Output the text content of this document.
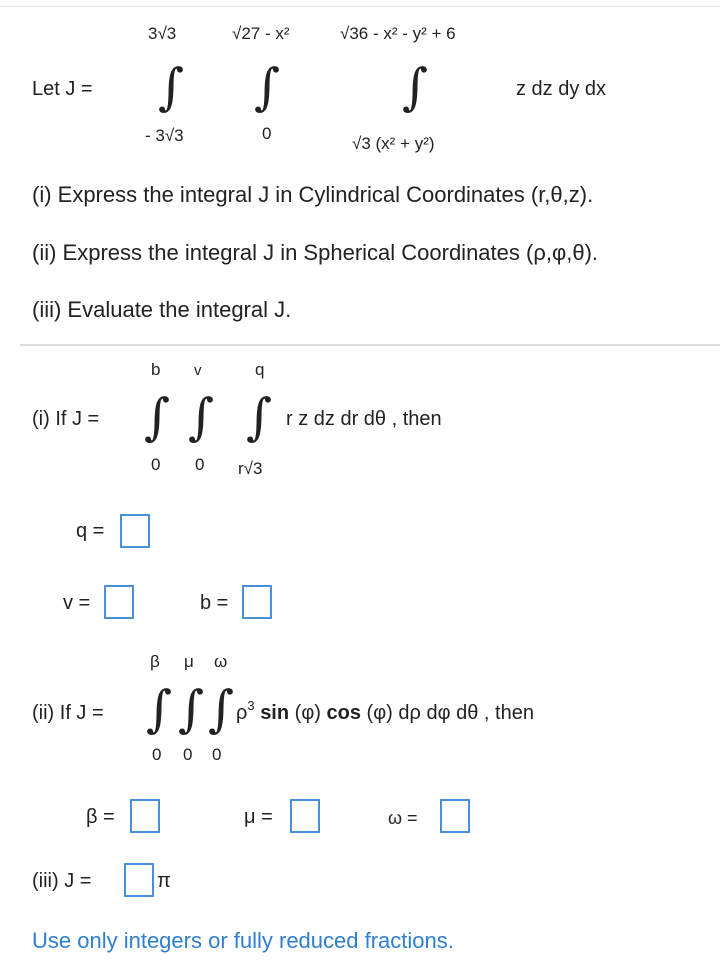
3√3	√27 - x²	√36 - x² - y² + 6
Let J = ∫ ∫ ∫	z dz dy dx
- 3√3	0
√3 (x² + y²)
(i) Express the integral J in Cylindrical Coordinates (r,θ,z).
(ii) Express the integral J in Spherical Coordinates (ρ,φ,θ).
(iii) Evaluate the integral J.
b v	q
(i) If J = ∫ ∫ ∫ r z dz dr dθ , then
0 0 r√3
q =
v =	b =
β μ ω
(ii) If J = ∫ ∫ ∫ $\rho^3$ sin (φ) cos (φ) dρ dφ dθ , then
0 0 0
β =	μ =	ω =
(iii) J =	π
Use only integers or fully reduced fractions.
